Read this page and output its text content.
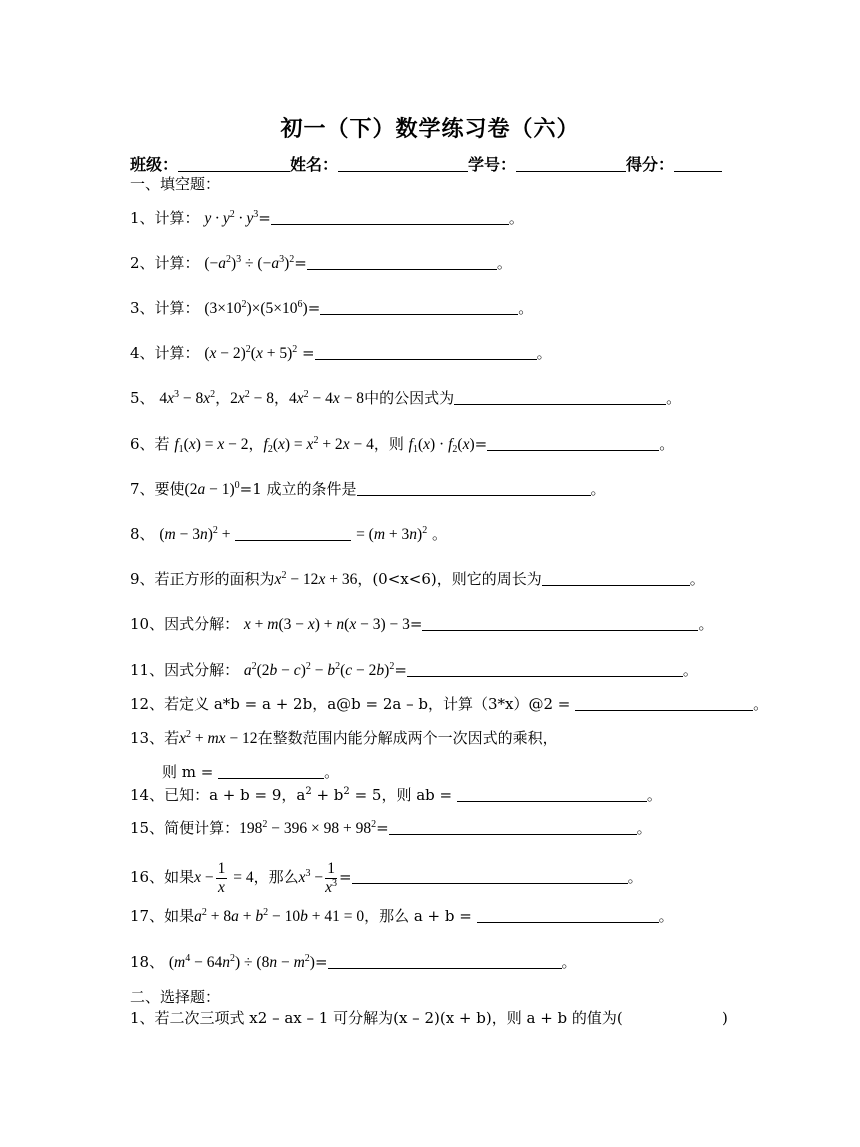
初一（下）数学练习卷（六）
班级：	姓名：	学号：	得分：
一、填空题：
1、计算： $y \cdot y^2 \cdot y^3=$	。
2、计算： $(-a^2)^3 \div (-a^3)^2=$	。
3、计算： $(3\times 10^2)\times(5\times 10^6)=$	。
4、计算： $(x - 2)^2(x + 5)^2$ =	。
5、 $4x^3 - 8x^2$，$2x^2 - 8$，$4x^2 - 4x - 8$中的公因式为	。
6、若 $f_1(x) = x - 2$，$f_2(x) = x^2 + 2x - 4$，则 $f_1(x) \cdot f_2(x)=$	。
7、要使$(2a - 1)^0=1$ 成立的条件是	。
8、 $(m - 3n)^2$ +	= $(m + 3n)^2$ 。
9、若正方形的面积为$x^2 - 12x + 36$，(0<x<6)，则它的周长为	。
10、因式分解： x + m(3 − x) + n(x − 3) − 3=	。
11、因式分解： $a^2(2b - c)^2 - b^2(c - 2b)^2=$	。
12、若定义 a*b = a + 2b，a@b = 2a – b，计算（3*x）@2 =	。
13、若$x^2$ + mx − 12在整数范围内能分解成两个一次因式的乘积，
则 m =	。
14、已知：a + b = 9，$a^2 + b^2 = 5$，则 ab =	。
15、简便计算：$198^2 - 396 \times 98 + 98^2=$	。
16、如果$x - \frac{1}{x} = 4$，那么$x^3 - \frac{1}{x^3}$ =	。
17、如果$a^2 + 8a + b^2 - 10b + 41 = 0$，那么 a + b =	。
18、 $(m^4 - 64n^2) \div (8n - m^2)=$	。
二、选择题：
1、若二次三项式 x2 – ax – 1 可分解为(x – 2)(x + b)，则 a + b 的值为(	)
